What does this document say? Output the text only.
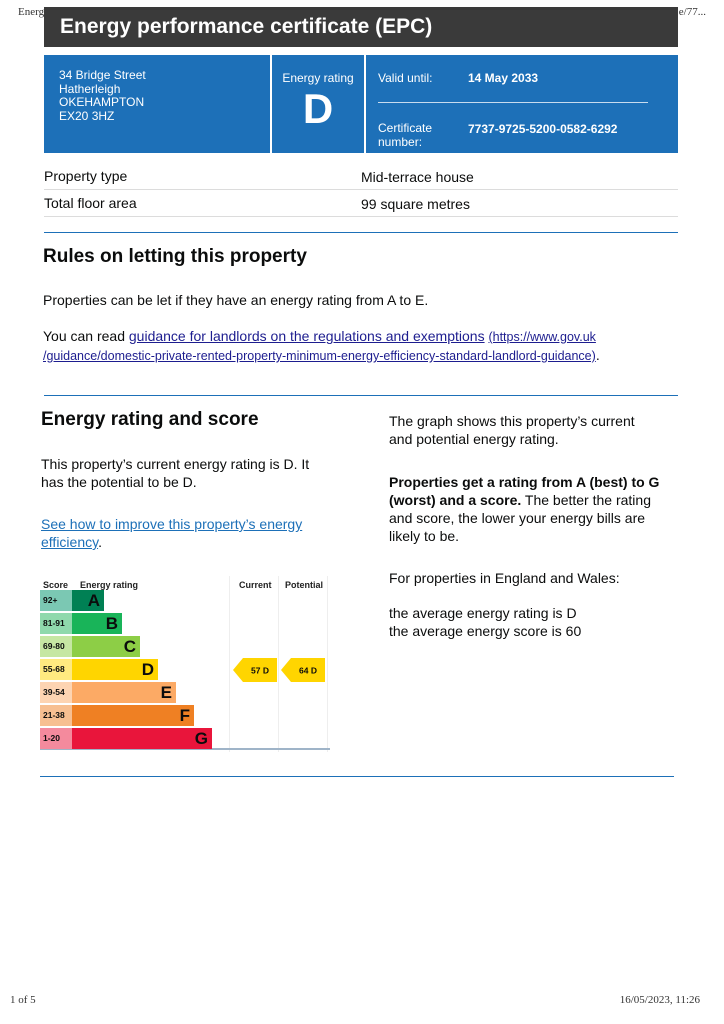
Energ	e/77...
Energy performance certificate (EPC)
34 Bridge Street
Hatherleigh
OKEHAMPTON
EX20 3HZ
Energy rating
D
Valid until:	14 May 2033
Certificate number:
7737-9725-5200-0582-6292
Property type	Mid-terrace house
Total floor area	99 square metres
Rules on letting this property
Properties can be let if they have an energy rating from A to E.
You can read guidance for landlords on the regulations and exemptions (https://www.gov.uk
/guidance/domestic-private-rented-property-minimum-energy-efficiency-standard-landlord-guidance).
Energy rating and score
This property’s current energy rating is D. It
has the potential to be D.
See how to improve this property’s energy
efficiency.
The graph shows this property’s current
and potential energy rating.
Properties get a rating from A (best) to G
(worst) and a score. The better the rating
and score, the lower your energy bills are
likely to be.
For properties in England and Wales:
the average energy rating is D
the average energy score is 60
Score Energy rating	Current Potential
92+	A
81-91	B
69-80	C
55-68	D
39-54	E
21-38	F
1-20	G
57 D	64 D
1 of 5	16/05/2023, 11:26
